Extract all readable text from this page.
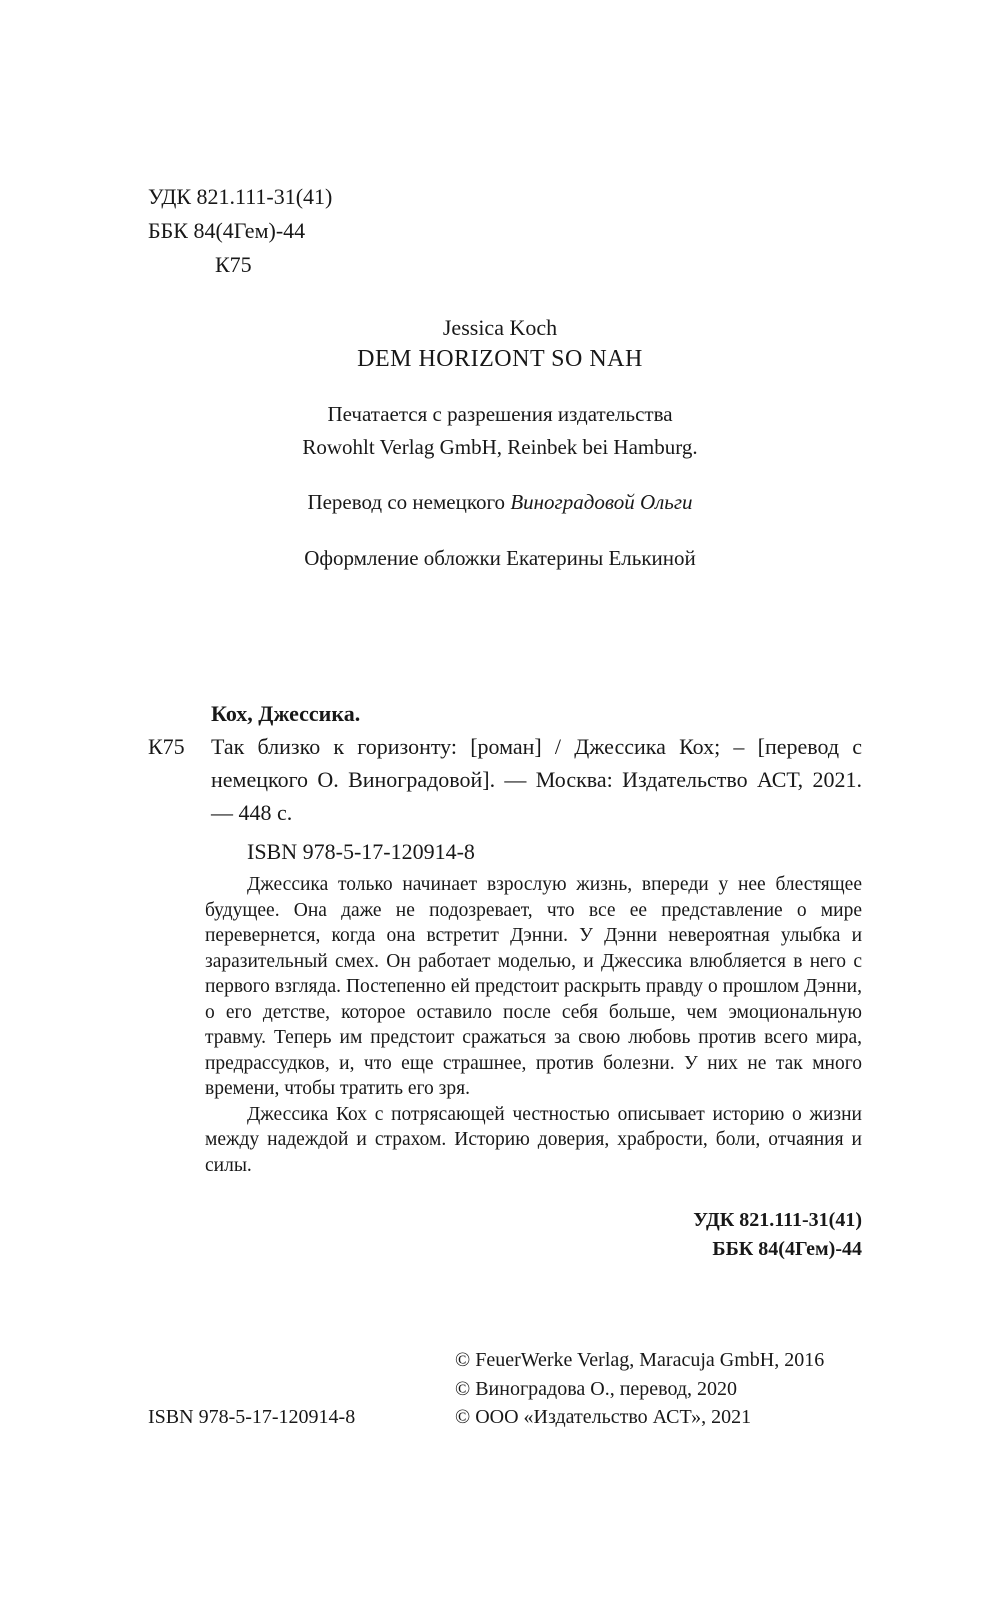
УДК 821.111-31(41)
ББК 84(4Гем)-44
К75
Jessica Koch
DEM HORIZONT SO NAH
Печатается с разрешения издательства
Rowohlt Verlag GmbH, Reinbek bei Hamburg.
Перевод со немецкого Виноградовой Ольги
Оформление обложки Екатерины Елькиной
Кох, Джессика.
К75 Так близко к горизонту: [роман] / Джессика Кох; – [перевод с немецкого О. Виноградовой]. — Москва: Издательство АСТ, 2021. — 448 с.

ISBN 978-5-17-120914-8

Джессика только начинает взрослую жизнь, впереди у нее блестящее будущее. Она даже не подозревает, что все ее представление о мире перевернется, когда она встретит Дэнни. У Дэнни невероятная улыбка и заразительный смех. Он работает моделью, и Джессика влюбляется в него с первого взгляда. Постепенно ей предстоит раскрыть правду о прошлом Дэнни, о его детстве, которое оставило после себя больше, чем эмоциональную травму. Теперь им предстоит сражаться за свою любовь против всего мира, предрассудков, и, что еще страшнее, против болезни. У них не так много времени, чтобы тратить его зря.

Джессика Кох с потрясающей честностью описывает историю о жизни между надеждой и страхом. Историю доверия, храбрости, боли, отчаяния и силы.

УДК 821.111-31(41)
ББК 84(4Гем)-44
© FeuerWerke Verlag, Maracuja GmbH, 2016
© Виноградова О., перевод, 2020
© ООО «Издательство АСТ», 2021
ISBN 978-5-17-120914-8
